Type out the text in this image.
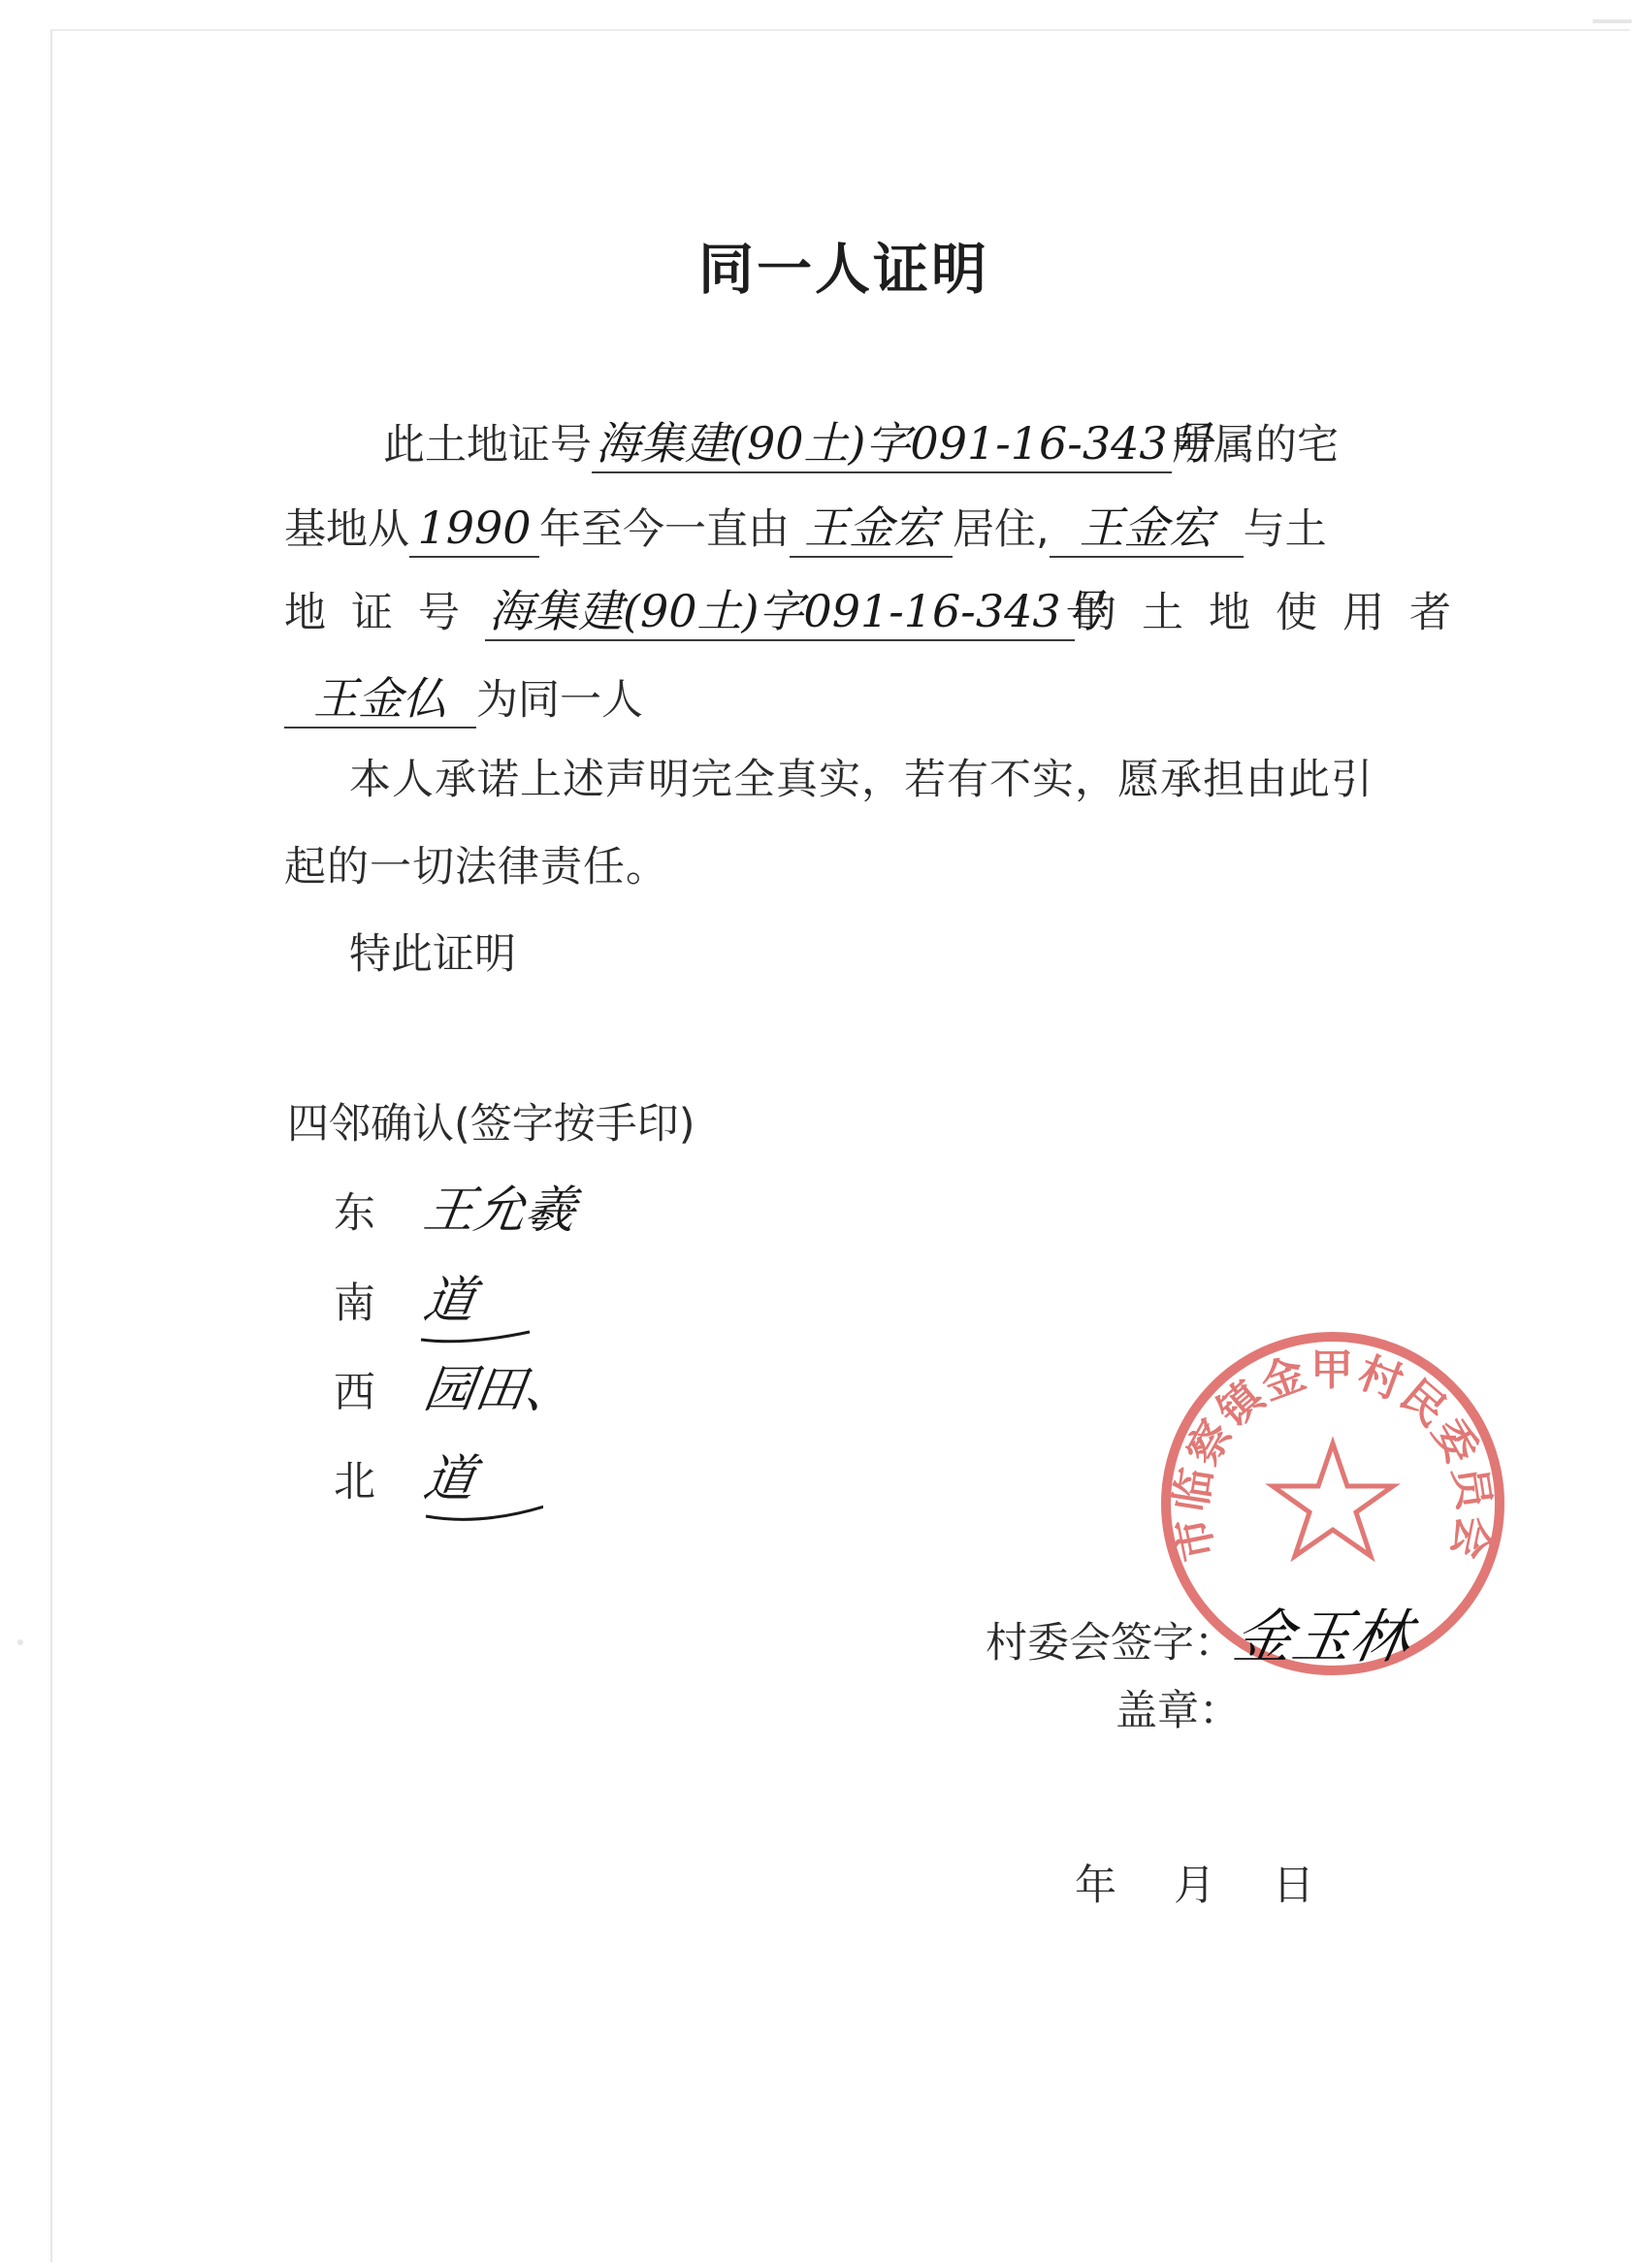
同一人证明
此土地证号海集建(90土)字091-16-343号所属的宅
基地从 1990 年至今一直由 王金宏 居住, 王金宏 与土
地证号海集建(90土)字091-16-343号的土地使用者
王金仏 为同一人
本人承诺上述声明完全真实，若有不实，愿承担由此引
起的一切法律责任。
特此证明
四邻确认(签字按手印)
东 王允羲
南 道
西 园田、
北 道
市临察镇金甲村民委员会
村委会签字：金玉林
盖章：
年　月　日
